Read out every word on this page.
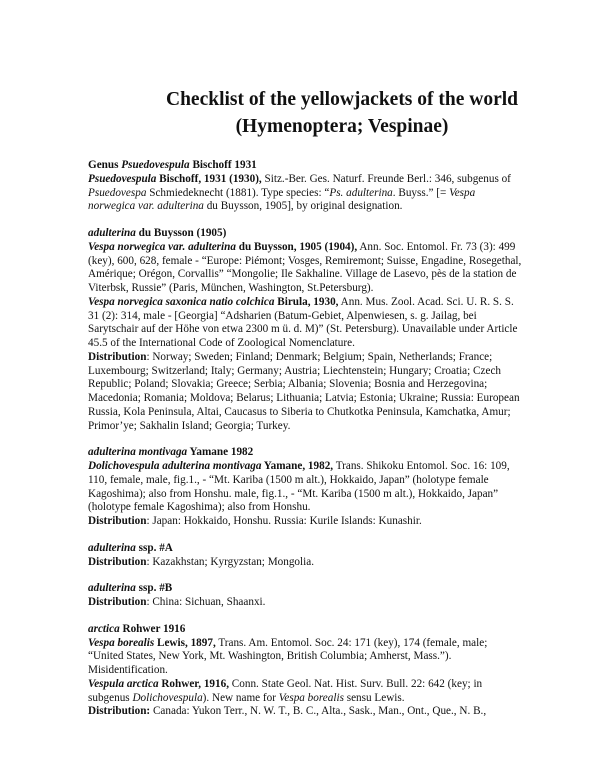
Checklist of the yellowjackets of the world
(Hymenoptera; Vespinae)

Genus Psuedovespula Bischoff 1931

Psuedovespula Bischoff, 1931 (1930), Sitz.-Ber. Ges. Naturf. Freunde Berl.: 346, subgenus of Psuedovespa Schmiedeknecht (1881). Type species: “Ps. adulterina. Buyss.” [= Vespa norwegica var. adulterina du Buysson, 1905], by original designation.

adulterina du Buysson (1905)

Vespa norwegica var. adulterina du Buysson, 1905 (1904), Ann. Soc. Entomol. Fr. 73 (3): 499 (key), 600, 628, female - “Europe: Piémont; Vosges, Remiremont; Suisse, Engadine, Rosegethal, Amérique; Orégon, Corvallis” “Mongolie; Ile Sakhaline. Village de Lasevo, pès de la station de Viterbsk, Russie” (Paris, München, Washington, St.Petersburg).

Vespa norvegica saxonica natio colchica Birula, 1930, Ann. Mus. Zool. Acad. Sci. U. R. S. S. 31 (2): 314, male - [Georgia] “Adsharien (Batum-Gebiet, Alpenwiesen, s. g. Jailag, bei Sarytschair auf der Höhe von etwa 2300 m ü. d. M)” (St. Petersburg). Unavailable under Article 45.5 of the International Code of Zoological Nomenclature.

Distribution: Norway; Sweden; Finland; Denmark; Belgium; Spain, Netherlands; France; Luxembourg; Switzerland; Italy; Germany; Austria; Liechtenstein; Hungary; Croatia; Czech Republic; Poland; Slovakia; Greece; Serbia; Albania; Slovenia; Bosnia and Herzegovina; Macedonia; Romania; Moldova; Belarus; Lithuania; Latvia; Estonia; Ukraine; Russia: European Russia, Kola Peninsula, Altai, Caucasus to Siberia to Chutkotka Peninsula, Kamchatka, Amur; Primor’ye; Sakhalin Island; Georgia; Turkey.

adulterina montivaga Yamane 1982

Dolichovespula adulterina montivaga Yamane, 1982, Trans. Shikoku Entomol. Soc. 16: 109, 110, female, male, fig.1., - “Mt. Kariba (1500 m alt.), Hokkaido, Japan” (holotype female Kagoshima); also from Honshu. male, fig.1., - “Mt. Kariba (1500 m alt.), Hokkaido, Japan” (holotype female Kagoshima); also from Honshu.

Distribution: Japan: Hokkaido, Honshu. Russia: Kurile Islands: Kunashir.

adulterina ssp. #A

Distribution: Kazakhstan; Kyrgyzstan; Mongolia.

adulterina ssp. #B

Distribution: China: Sichuan, Shaanxi.

arctica Rohwer 1916

Vespa borealis Lewis, 1897, Trans. Am. Entomol. Soc. 24: 171 (key), 174 (female, male; “United States, New York, Mt. Washington, British Columbia; Amherst, Mass.”). Misidentification.

Vespula arctica Rohwer, 1916, Conn. State Geol. Nat. Hist. Surv. Bull. 22: 642 (key; in subgenus Dolichovespula). New name for Vespa borealis sensu Lewis.

Distribution: Canada: Yukon Terr., N. W. T., B. C., Alta., Sask., Man., Ont., Que., N. B.,
